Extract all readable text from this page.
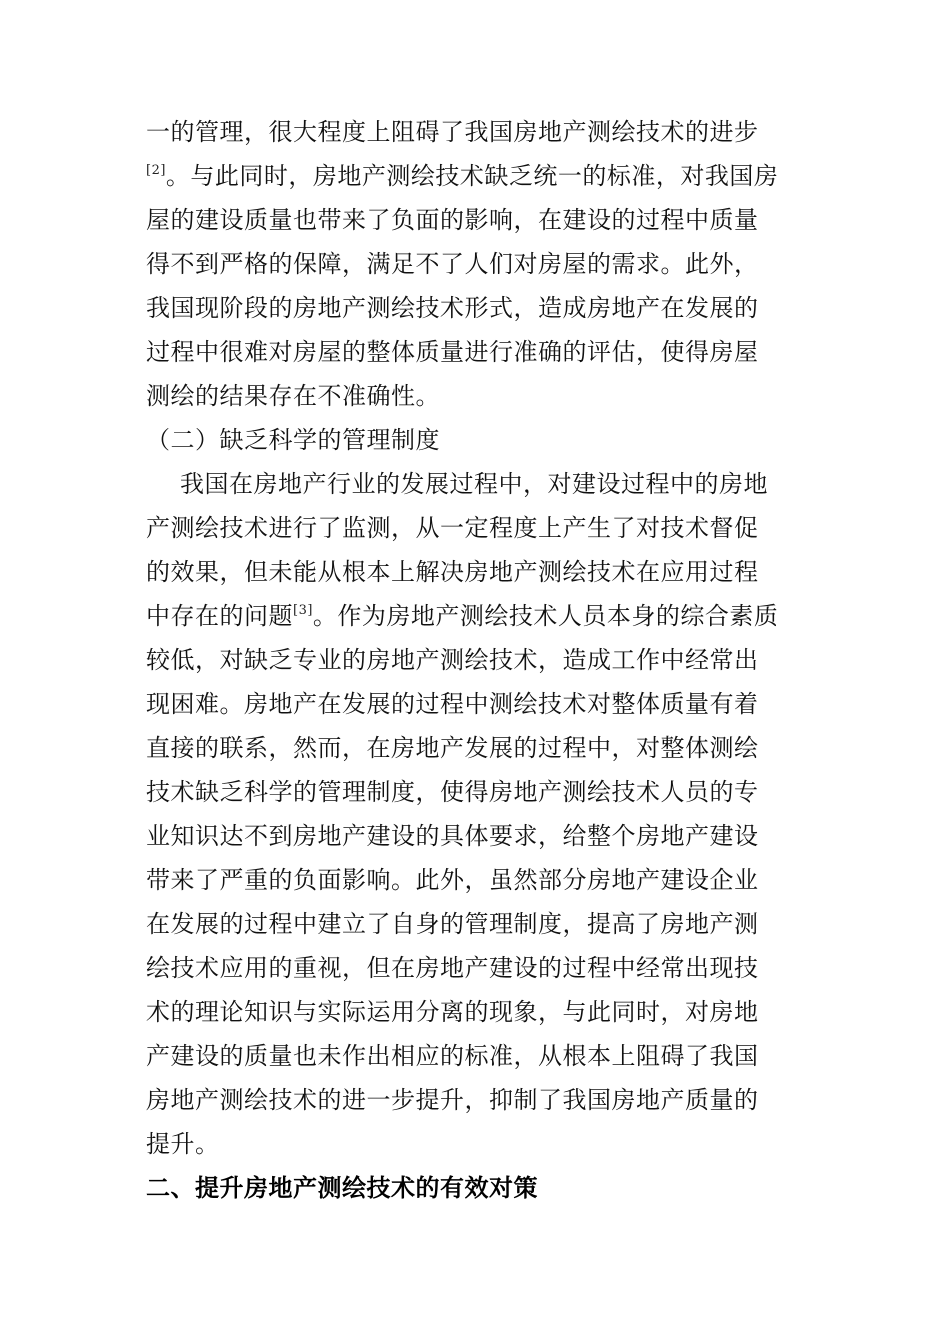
一的管理，很大程度上阻碍了我国房地产测绘技术的进步
[2]。与此同时，房地产测绘技术缺乏统一的标准，对我国房
屋的建设质量也带来了负面的影响，在建设的过程中质量
得不到严格的保障，满足不了人们对房屋的需求。此外，
我国现阶段的房地产测绘技术形式，造成房地产在发展的
过程中很难对房屋的整体质量进行准确的评估，使得房屋
测绘的结果存在不准确性。
（二）缺乏科学的管理制度
我国在房地产行业的发展过程中，对建设过程中的房地
产测绘技术进行了监测，从一定程度上产生了对技术督促
的效果，但未能从根本上解决房地产测绘技术在应用过程
中存在的问题[3]。作为房地产测绘技术人员本身的综合素质
较低，对缺乏专业的房地产测绘技术，造成工作中经常出
现困难。房地产在发展的过程中测绘技术对整体质量有着
直接的联系，然而，在房地产发展的过程中，对整体测绘
技术缺乏科学的管理制度，使得房地产测绘技术人员的专
业知识达不到房地产建设的具体要求，给整个房地产建设
带来了严重的负面影响。此外，虽然部分房地产建设企业
在发展的过程中建立了自身的管理制度，提高了房地产测
绘技术应用的重视，但在房地产建设的过程中经常出现技
术的理论知识与实际运用分离的现象，与此同时，对房地
产建设的质量也未作出相应的标准，从根本上阻碍了我国
房地产测绘技术的进一步提升，抑制了我国房地产质量的
提升。
二、提升房地产测绘技术的有效对策
